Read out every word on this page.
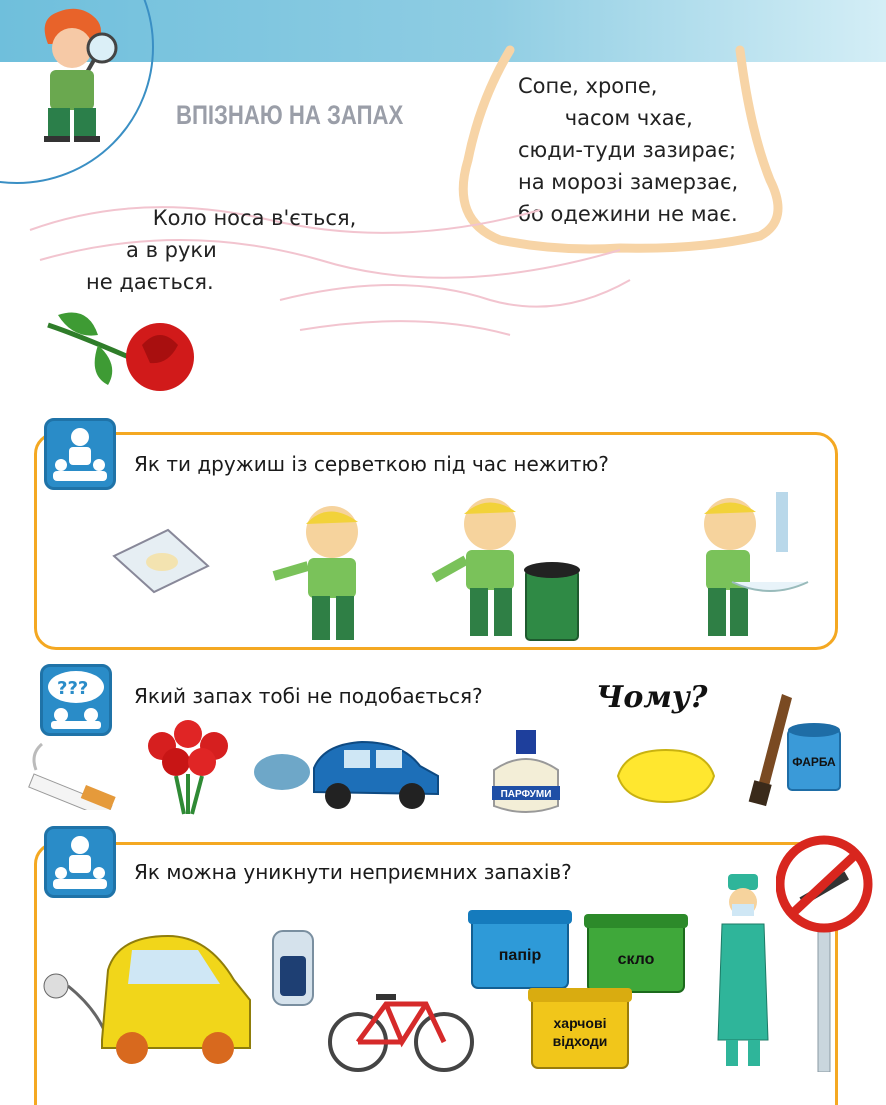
ВПІЗНАЮ НА ЗАПАХ
Сопе, хропе,
часом чхає,
сюди-туди зазирає;
на морозі замерзає,
бо одежини не має.
Коло носа в'ється,
а в руки
не дається.
Як ти дружиш із серветкою під час нежитю?
??? Який запах тобі не подобається?	Чому?
ПАРФУМИ
ФАРБА
Як можна уникнути неприємних запахів?
папір	скло
харчові
відходи
